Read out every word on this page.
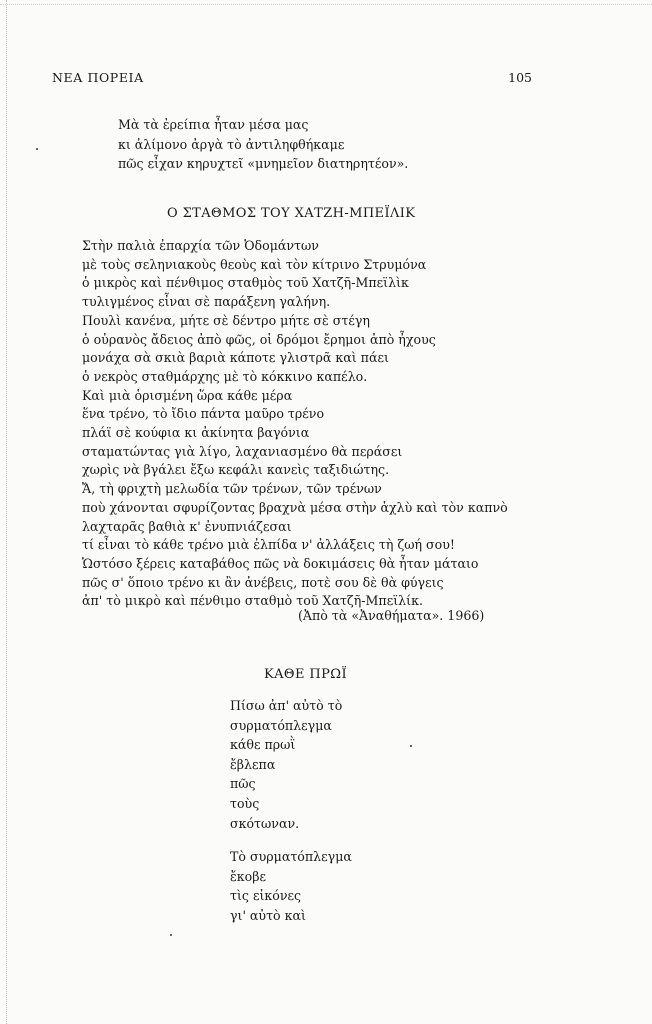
ΝΕΑ ΠΟΡΕΙΑ	105
Μὰ τὰ ἐρείπια ἦταν μέσα μας
κι ἀλίμονο ἀργὰ τὸ ἀντιληφθήκαμε
πῶς εἶχαν κηρυχτεῖ «μνημεῖον διατηρητέον».
Ο ΣΤΑΘΜΟΣ ΤΟΥ ΧΑΤΖΗ-ΜΠΕΪΛΙΚ
Στὴν παλιὰ ἐπαρχία τῶν Ὀδομάντων
μὲ τοὺς σεληνιακοὺς θεοὺς καὶ τὸν κίτρινο Στρυμόνα
ὁ μικρὸς καὶ πένθιμος σταθμὸς τοῦ Χατζῆ-Μπεϊλὶκ
τυλιγμένος εἶναι σὲ παράξενη γαλήνη.
Πουλὶ κανένα, μήτε σὲ δέντρο μήτε σὲ στέγη
ὁ οὐρανὸς ἄδειος ἀπὸ φῶς, οἱ δρόμοι ἔρημοι ἀπὸ ἦχους
μονάχα σὰ σκιὰ βαριὰ κάποτε γλιστρᾶ καὶ πάει
ὁ νεκρὸς σταθμάρχης μὲ τὸ κόκκινο καπέλο.
Καὶ μιὰ ὁρισμένη ὥρα κάθε μέρα
ἕνα τρένο, τὸ ἴδιο πάντα μαῦρο τρένο
πλάϊ σὲ κούφια κι ἀκίνητα βαγόνια
σταματώντας γιὰ λίγο, λαχανιασμένο θὰ περάσει
χωρὶς νὰ βγάλει ἔξω κεφάλι κανεὶς ταξιδιώτης.
Ἄ, τὴ φριχτὴ μελωδία τῶν τρένων, τῶν τρένων
ποὺ χάνονται σφυρίζοντας βραχνὰ μέσα στὴν ἀχλὺ καὶ τὸν καπνὸ
λαχταρᾶς βαθιὰ κ' ἐνυπνιάζεσαι
τί εἶναι τὸ κάθε τρένο μιὰ ἐλπίδα ν' ἀλλάξεις τὴ ζωή σου!
Ὡστόσο ξέρεις καταβάθος πῶς νὰ δοκιμάσεις θὰ ἦταν μάταιο
πῶς σ' ὅποιο τρένο κι ἂν ἀνέβεις, ποτὲ σου δὲ θὰ φύγεις
ἀπ' τὸ μικρὸ καὶ πένθιμο σταθμὸ τοῦ Χατζῆ-Μπεϊλίκ.
(Ἀπὸ τὰ «Ἀναθήματα». 1966)
ΚΑΘΕ ΠΡΩΪ
Πίσω ἀπ' αὐτὸ τὸ
συρματόπλεγμα
κάθε πρωῒ
ἔβλεπα
πῶς
τοὺς
σκότωναν.
Τὸ συρματόπλεγμα
ἔκοβε
τὶς εἰκόνες
γι' αὐτὸ καὶ
